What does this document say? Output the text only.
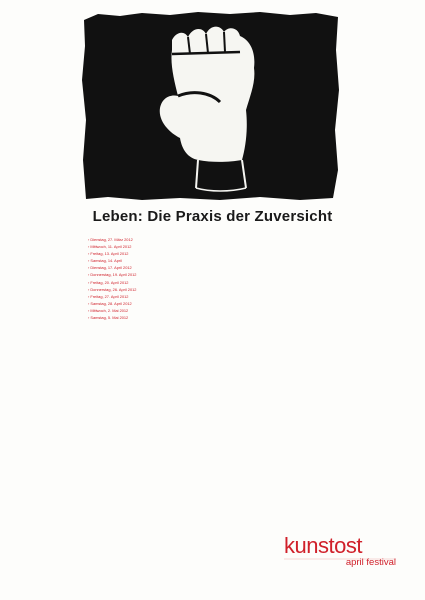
Leben: Die Praxis der Zuversicht
› Dienstag, 27. März 2012
› Mittwoch, 11. April 2012
› Freitag, 13. April 2012
› Samstag, 14. April
› Dienstag, 17. April 2012
› Donnerstag, 19. April 2012
› Freitag, 20. April 2012
› Donnerstag, 26. April 2012
› Freitag, 27. April 2012
› Samstag, 28. April 2012
› Mittwoch, 2. Mai 2012
› Samstag, 5. Mai 2012
kunstost
april festival
